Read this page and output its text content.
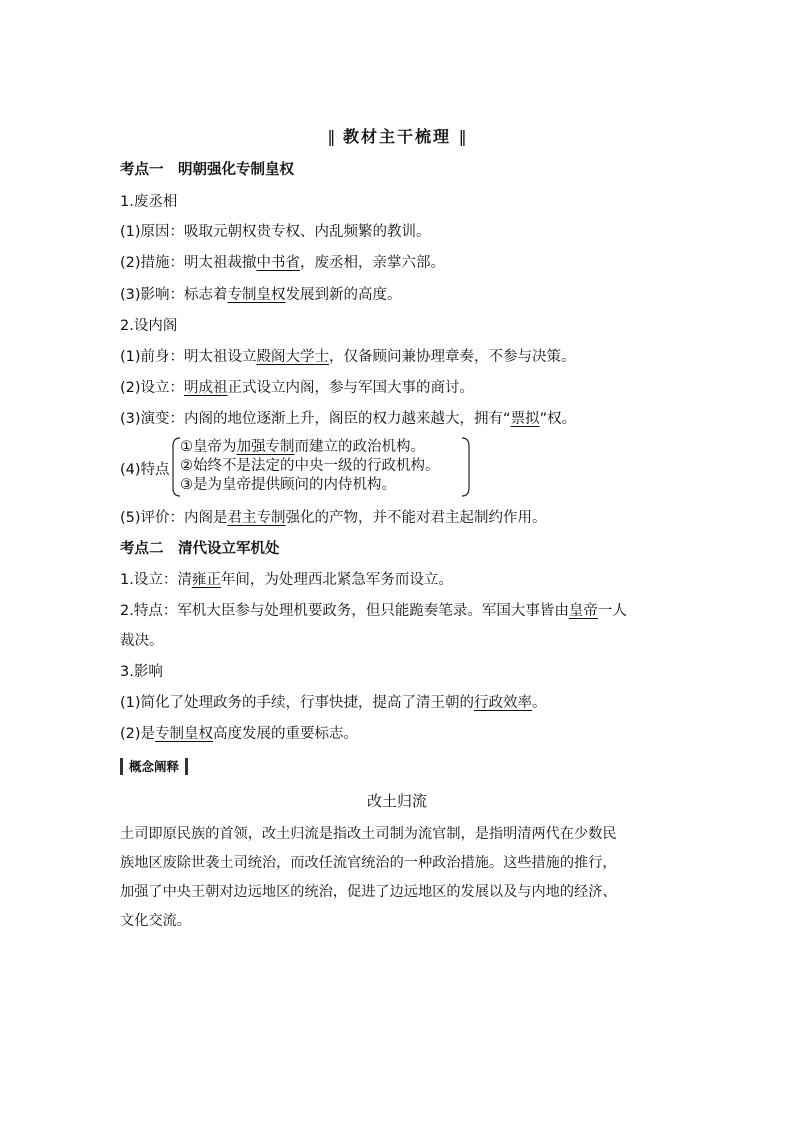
‖ 教材主干梳理 ‖
考点一　明朝强化专制皇权
1.废丞相
(1)原因：吸取元朝权贵专权、内乱频繁的教训。
(2)措施：明太祖裁撤中书省，废丞相，亲掌六部。
(3)影响：标志着专制皇权发展到新的高度。
2.设内阁
(1)前身：明太祖设立殿阁大学士，仅备顾问兼协理章奏，不参与决策。
(2)设立：明成祖正式设立内阁，参与军国大事的商讨。
(3)演变：内阁的地位逐渐上升，阁臣的权力越来越大，拥有“票拟”权。
(4)特点
①皇帝为加强专制而建立的政治机构。
②始终不是法定的中央一级的行政机构。
③是为皇帝提供顾问的内侍机构。
(5)评价：内阁是君主专制强化的产物，并不能对君主起制约作用。
考点二　清代设立军机处
1.设立：清雍正年间，为处理西北紧急军务而设立。
2.特点：军机大臣参与处理机要政务，但只能跪奏笔录。军国大事皆由皇帝一人
裁决。
3.影响
(1)简化了处理政务的手续，行事快捷，提高了清王朝的行政效率。
(2)是专制皇权高度发展的重要标志。
概念阐释
改土归流
土司即原民族的首领，改土归流是指改土司制为流官制，是指明清两代在少数民
族地区废除世袭土司统治，而改任流官统治的一种政治措施。这些措施的推行，
加强了中央王朝对边远地区的统治，促进了边远地区的发展以及与内地的经济、
文化交流。
